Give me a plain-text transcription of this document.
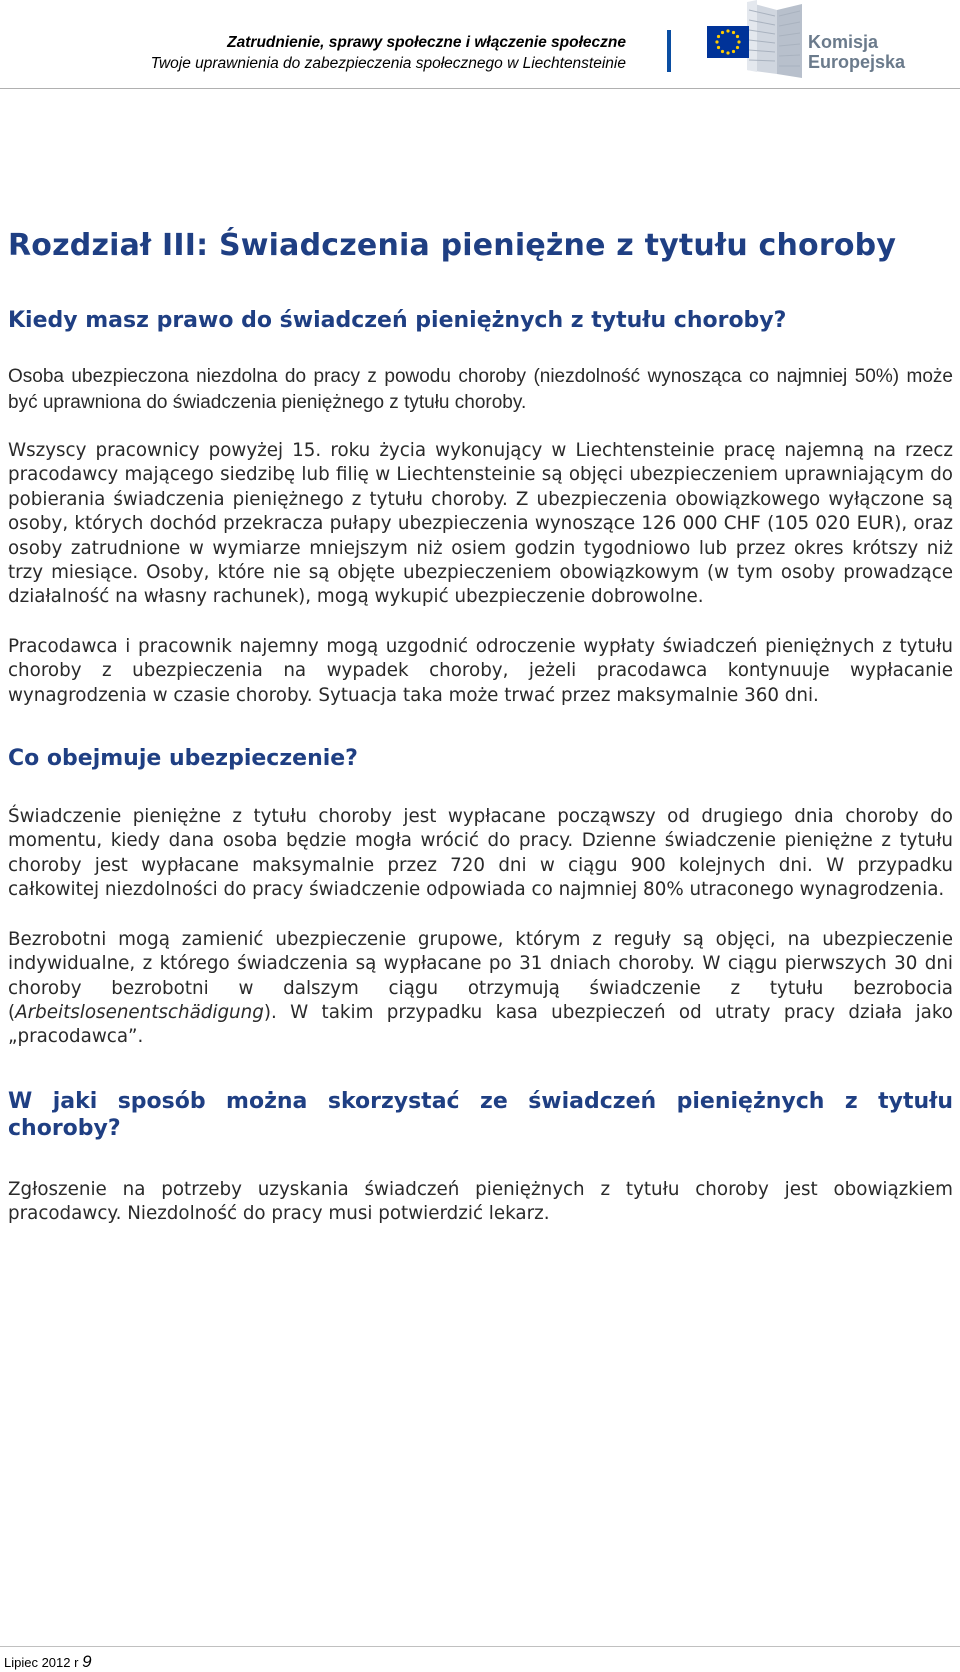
Zatrudnienie, sprawy społeczne i włączenie społeczne
Twoje uprawnienia do zabezpieczenia społecznego w Liechtensteinie
Komisja
Europejska
Rozdział III: Świadczenia pieniężne z tytułu choroby
Kiedy masz prawo do świadczeń pieniężnych z tytułu choroby?

Osoba ubezpieczona niezdolna do pracy z powodu choroby (niezdolność wynosząca co najmniej 50%) może być uprawniona do świadczenia pieniężnego z tytułu choroby.

Wszyscy pracownicy powyżej 15. roku życia wykonujący w Liechtensteinie pracę najemną na rzecz pracodawcy mającego siedzibę lub filię w Liechtensteinie są objęci ubezpieczeniem uprawniającym do pobierania świadczenia pieniężnego z tytułu choroby. Z ubezpieczenia obowiązkowego wyłączone są osoby, których dochód przekracza pułapy ubezpieczenia wynoszące 126 000 CHF (105 020 EUR), oraz osoby zatrudnione w wymiarze mniejszym niż osiem godzin tygodniowo lub przez okres krótszy niż trzy miesiące. Osoby, które nie są objęte ubezpieczeniem obowiązkowym (w tym osoby prowadzące działalność na własny rachunek), mogą wykupić ubezpieczenie dobrowolne.

Pracodawca i pracownik najemny mogą uzgodnić odroczenie wypłaty świadczeń pieniężnych z tytułu choroby z ubezpieczenia na wypadek choroby, jeżeli pracodawca kontynuuje wypłacanie wynagrodzenia w czasie choroby. Sytuacja taka może trwać przez maksymalnie 360 dni.

Co obejmuje ubezpieczenie?

Świadczenie pieniężne z tytułu choroby jest wypłacane począwszy od drugiego dnia choroby do momentu, kiedy dana osoba będzie mogła wrócić do pracy. Dzienne świadczenie pieniężne z tytułu choroby jest wypłacane maksymalnie przez 720 dni w ciągu 900 kolejnych dni. W przypadku całkowitej niezdolności do pracy świadczenie odpowiada co najmniej 80% utraconego wynagrodzenia.

Bezrobotni mogą zamienić ubezpieczenie grupowe, którym z reguły są objęci, na ubezpieczenie indywidualne, z którego świadczenia są wypłacane po 31 dniach choroby. W ciągu pierwszych 30 dni choroby bezrobotni w dalszym ciągu otrzymują świadczenie z tytułu bezrobocia (Arbeitslosenentschädigung). W takim przypadku kasa ubezpieczeń od utraty pracy działa jako „pracodawca”.

W jaki sposób można skorzystać ze świadczeń pieniężnych z tytułu choroby?

Zgłoszenie na potrzeby uzyskania świadczeń pieniężnych z tytułu choroby jest obowiązkiem pracodawcy. Niezdolność do pracy musi potwierdzić lekarz.

Lipiec 2012 r 9
